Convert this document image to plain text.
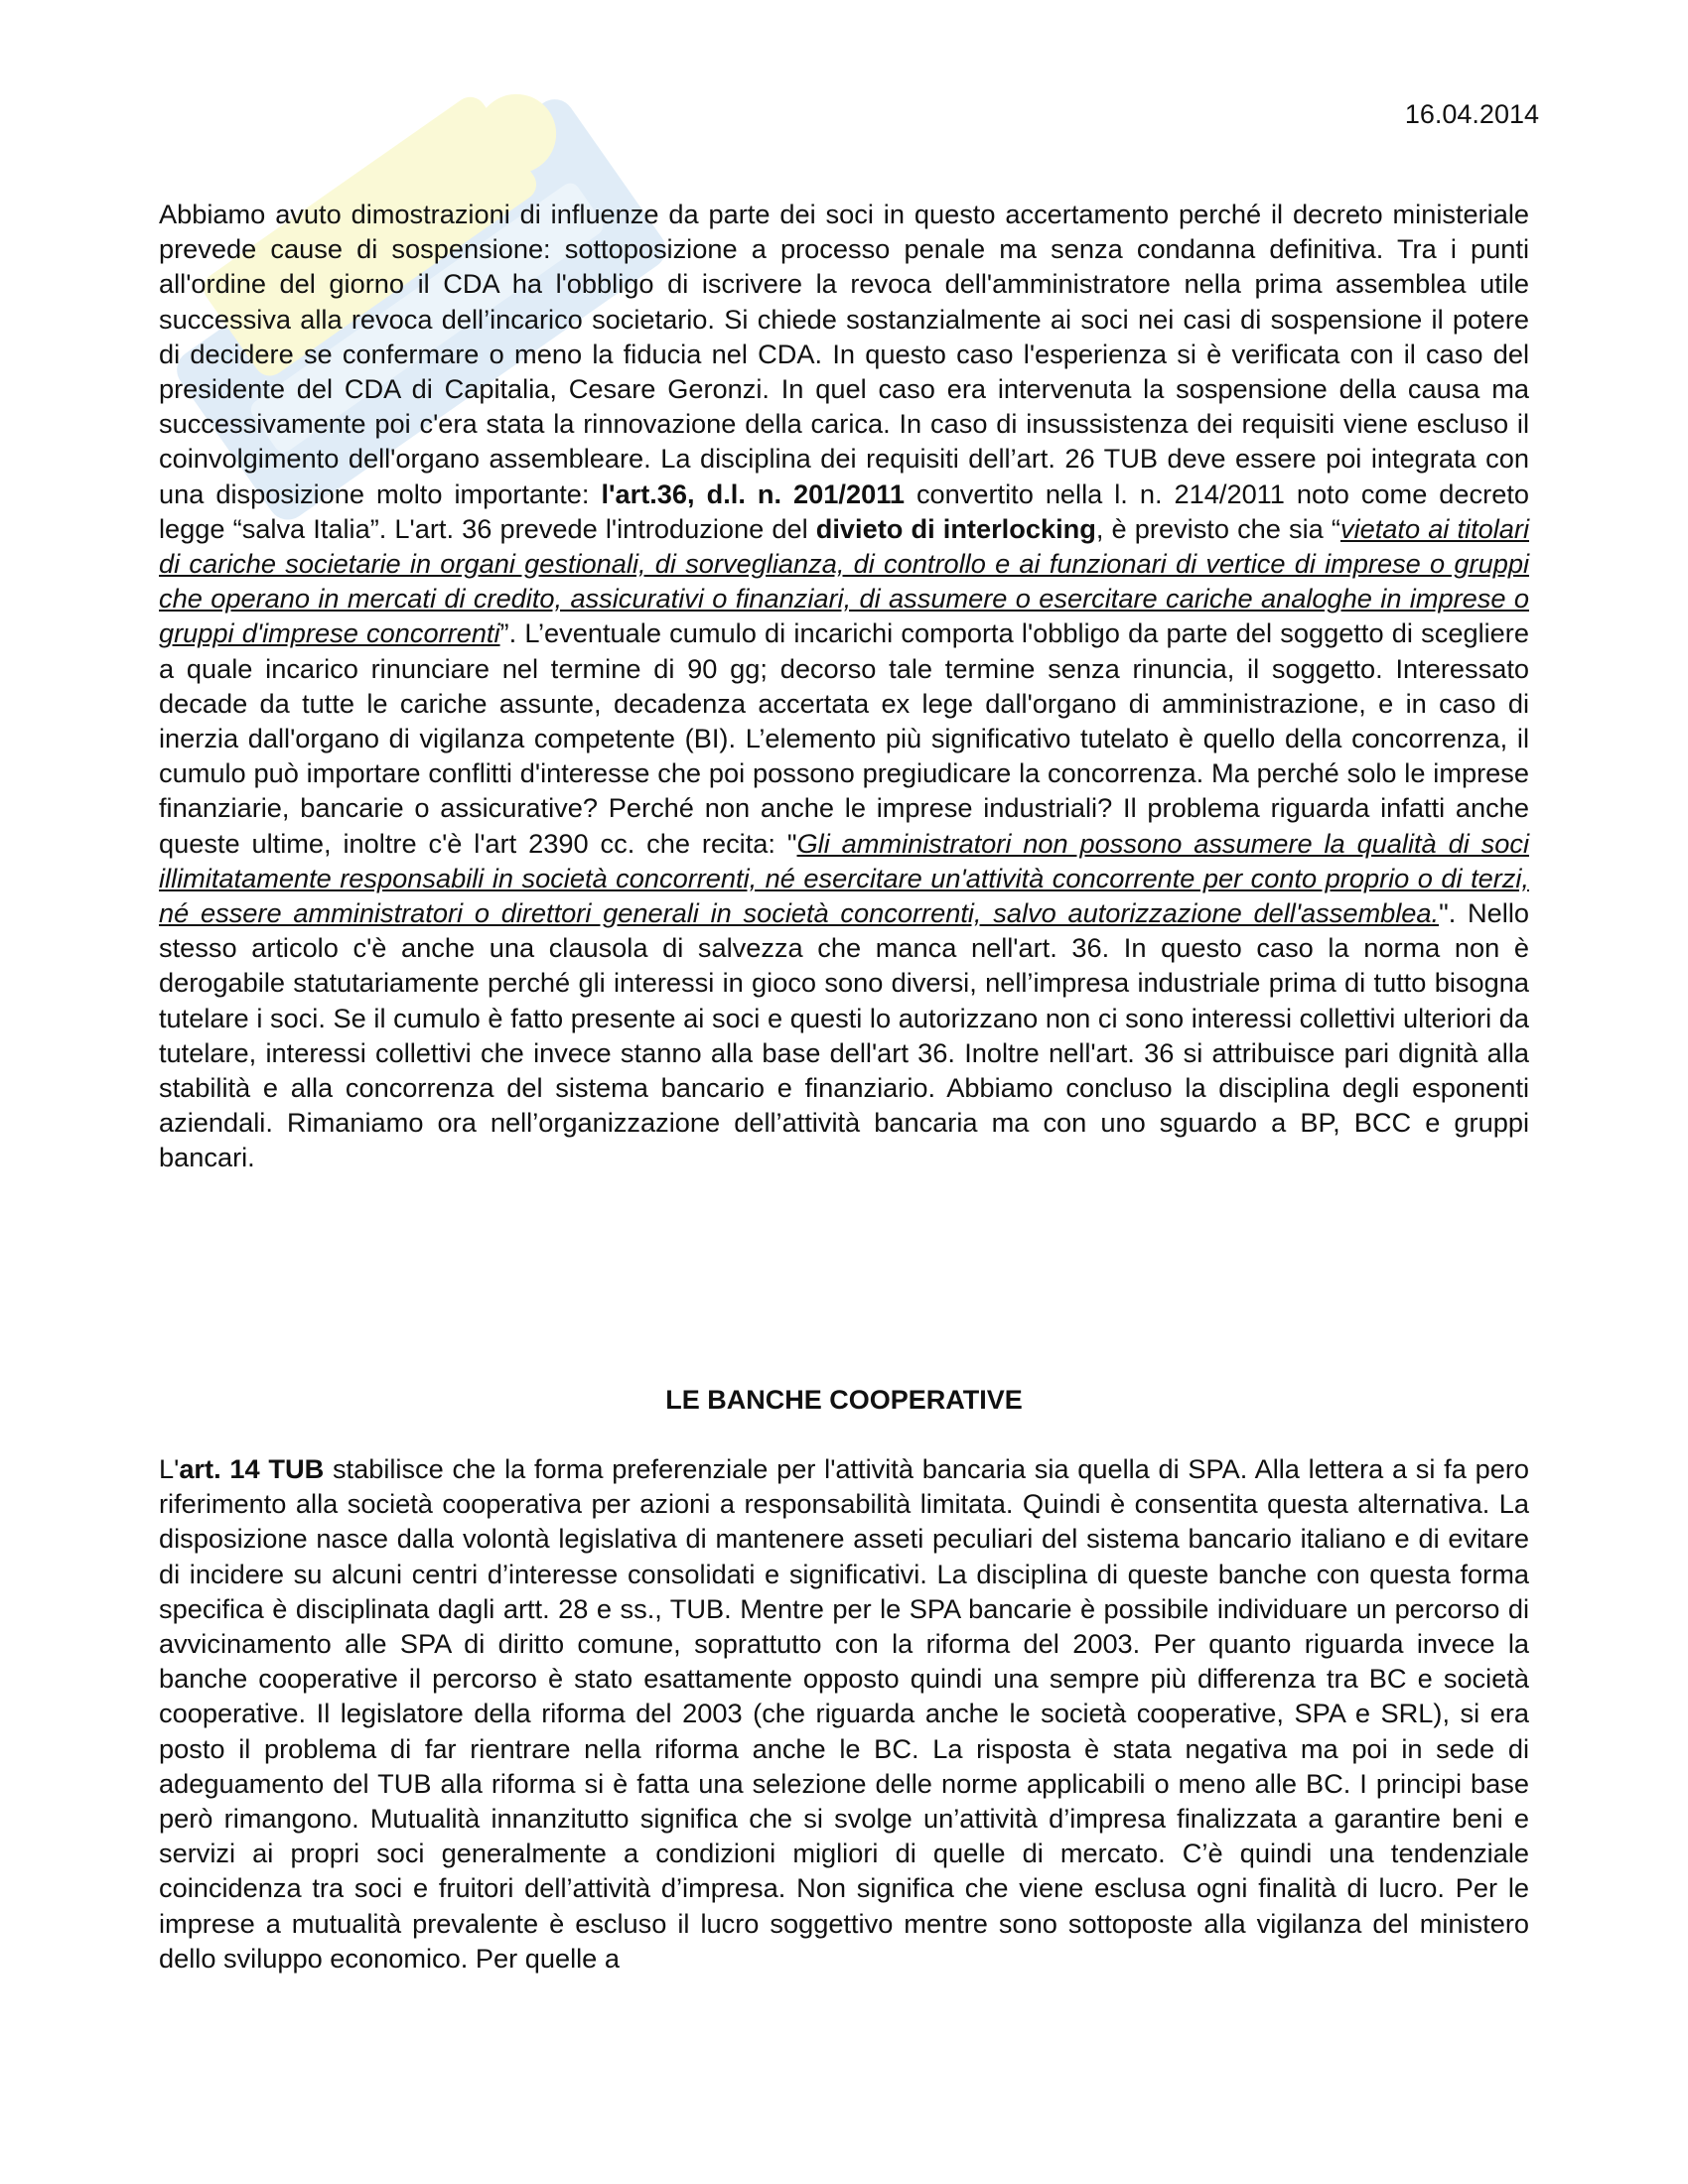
16.04.2014

Abbiamo avuto dimostrazioni di influenze da parte dei soci in questo accertamento perché il decreto ministeriale prevede cause di sospensione: sottoposizione a processo penale ma senza condanna definitiva. Tra i punti all'ordine del giorno il CDA ha l'obbligo di iscrivere la revoca dell'amministratore nella prima assemblea utile successiva alla revoca dell’incarico societario. Si chiede sostanzialmente ai soci nei casi di sospensione il potere di decidere se confermare o meno la fiducia nel CDA. In questo caso l'esperienza si è verificata con il caso del presidente del CDA di Capitalia, Cesare Geronzi. In quel caso era intervenuta la sospensione della causa ma successivamente poi c'era stata la rinnovazione della carica. In caso di insussistenza dei requisiti viene escluso il coinvolgimento dell'organo assembleare. La disciplina dei requisiti dell’art. 26 TUB deve essere poi integrata con una disposizione molto importante: l'art.36, d.l. n. 201/2011 convertito nella l. n. 214/2011 noto come decreto legge “salva Italia”. L'art. 36 prevede l'introduzione del divieto di interlocking, è previsto che sia “vietato ai titolari di cariche societarie in organi gestionali, di sorveglianza, di controllo e ai funzionari di vertice di imprese o gruppi che operano in mercati di credito, assicurativi o finanziari, di assumere o esercitare cariche analoghe in imprese o gruppi d'imprese concorrenti”. L’eventuale cumulo di incarichi comporta l'obbligo da parte del soggetto di scegliere a quale incarico rinunciare nel termine di 90 gg; decorso tale termine senza rinuncia, il soggetto. Interessato decade da tutte le cariche assunte, decadenza accertata ex lege dall'organo di amministrazione, e in caso di inerzia dall'organo di vigilanza competente (BI). L’elemento più significativo tutelato è quello della concorrenza, il cumulo può importare conflitti d'interesse che poi possono pregiudicare la concorrenza. Ma perché solo le imprese finanziarie, bancarie o assicurative? Perché non anche le imprese industriali? Il problema riguarda infatti anche queste ultime, inoltre c'è l'art 2390 cc. che recita: "Gli amministratori non possono assumere la qualità di soci illimitatamente responsabili in società concorrenti, né esercitare un'attività concorrente per conto proprio o di terzi, né essere amministratori o direttori generali in società concorrenti, salvo autorizzazione dell'assemblea.". Nello stesso articolo c'è anche una clausola di salvezza che manca nell'art. 36. In questo caso la norma non è derogabile statutariamente perché gli interessi in gioco sono diversi, nell’impresa industriale prima di tutto bisogna tutelare i soci. Se il cumulo è fatto presente ai soci e questi lo autorizzano non ci sono interessi collettivi ulteriori da tutelare, interessi collettivi che invece stanno alla base dell'art 36. Inoltre nell'art. 36 si attribuisce pari dignità alla stabilità e alla concorrenza del sistema bancario e finanziario. Abbiamo concluso la disciplina degli esponenti aziendali. Rimaniamo ora nell’organizzazione dell’attività bancaria ma con uno sguardo a BP, BCC e gruppi bancari.

LE BANCHE COOPERATIVE

L'art. 14 TUB stabilisce che la forma preferenziale per l'attività bancaria sia quella di SPA. Alla lettera a si fa pero riferimento alla società cooperativa per azioni a responsabilità limitata. Quindi è consentita questa alternativa. La disposizione nasce dalla volontà legislativa di mantenere asseti peculiari del sistema bancario italiano e di evitare di incidere su alcuni centri d’interesse consolidati e significativi. La disciplina di queste banche con questa forma specifica è disciplinata dagli artt. 28 e ss., TUB. Mentre per le SPA bancarie è possibile individuare un percorso di avvicinamento alle SPA di diritto comune, soprattutto con la riforma del 2003. Per quanto riguarda invece la banche cooperative il percorso è stato esattamente opposto quindi una sempre più differenza tra BC e società cooperative. Il legislatore della riforma del 2003 (che riguarda anche le società cooperative, SPA e SRL), si era posto il problema di far rientrare nella riforma anche le BC. La risposta è stata negativa ma poi in sede di adeguamento del TUB alla riforma si è fatta una selezione delle norme applicabili o meno alle BC. I principi base però rimangono. Mutualità innanzitutto significa che si svolge un’attività d’impresa finalizzata a garantire beni e servizi ai propri soci generalmente a condizioni migliori di quelle di mercato. C’è quindi una tendenziale coincidenza tra soci e fruitori dell’attività d’impresa. Non significa che viene esclusa ogni finalità di lucro. Per le imprese a mutualità prevalente è escluso il lucro soggettivo mentre sono sottoposte alla vigilanza del ministero dello sviluppo economico. Per quelle a
